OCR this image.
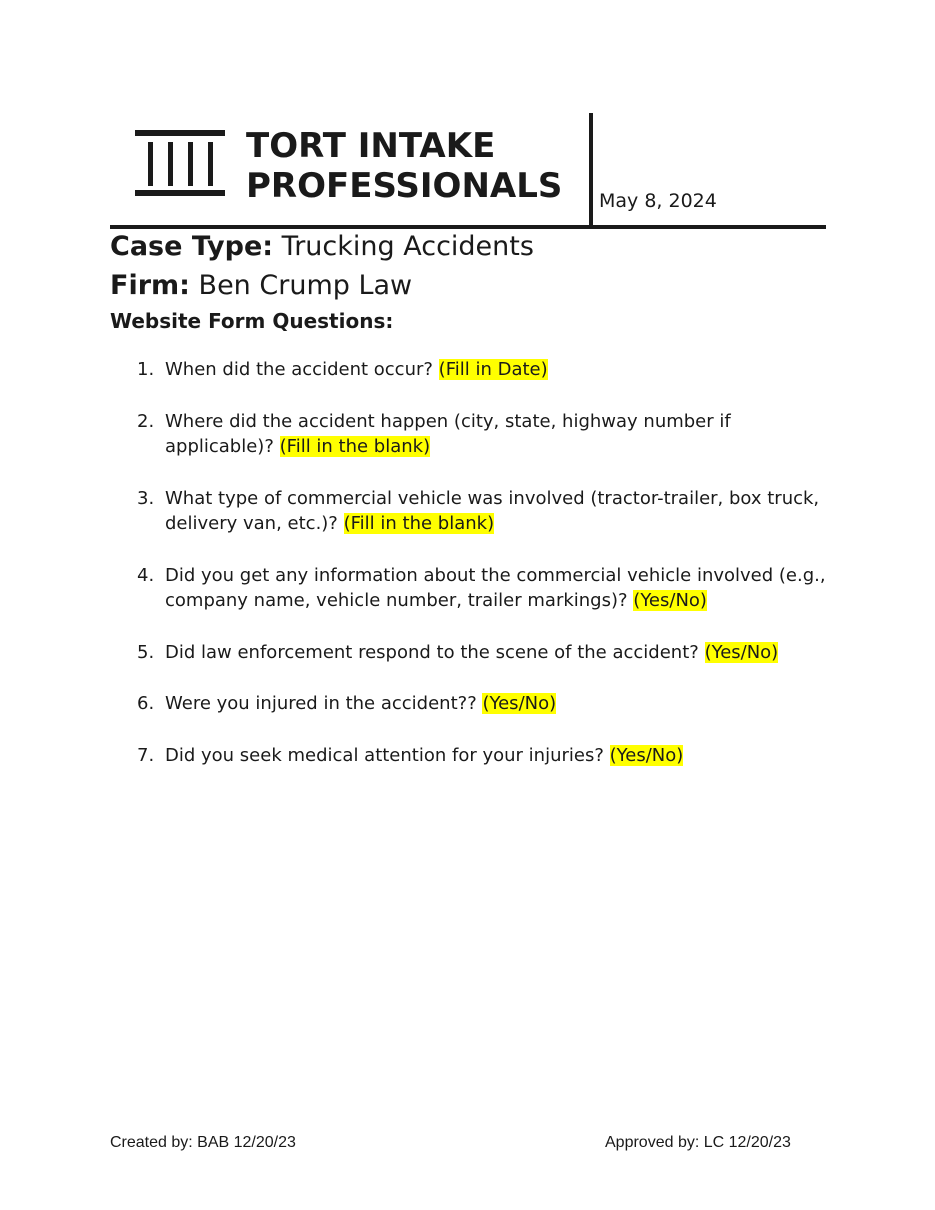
TORT INTAKE
PROFESSIONALS May 8, 2024
Case Type: Trucking Accidents
Firm: Ben Crump Law
Website Form Questions:
1. When did the accident occur? (Fill in Date)
2. Where did the accident happen (city, state, highway number if applicable)? (Fill in the blank)
3. What type of commercial vehicle was involved (tractor-trailer, box truck, delivery van, etc.)? (Fill in the blank)
4. Did you get any information about the commercial vehicle involved (e.g., company name, vehicle number, trailer markings)? (Yes/No)
5. Did law enforcement respond to the scene of the accident? (Yes/No)
6. Were you injured in the accident?? (Yes/No)
7. Did you seek medical attention for your injuries? (Yes/No)
Created by: BAB 12/20/23	Approved by: LC 12/20/23
